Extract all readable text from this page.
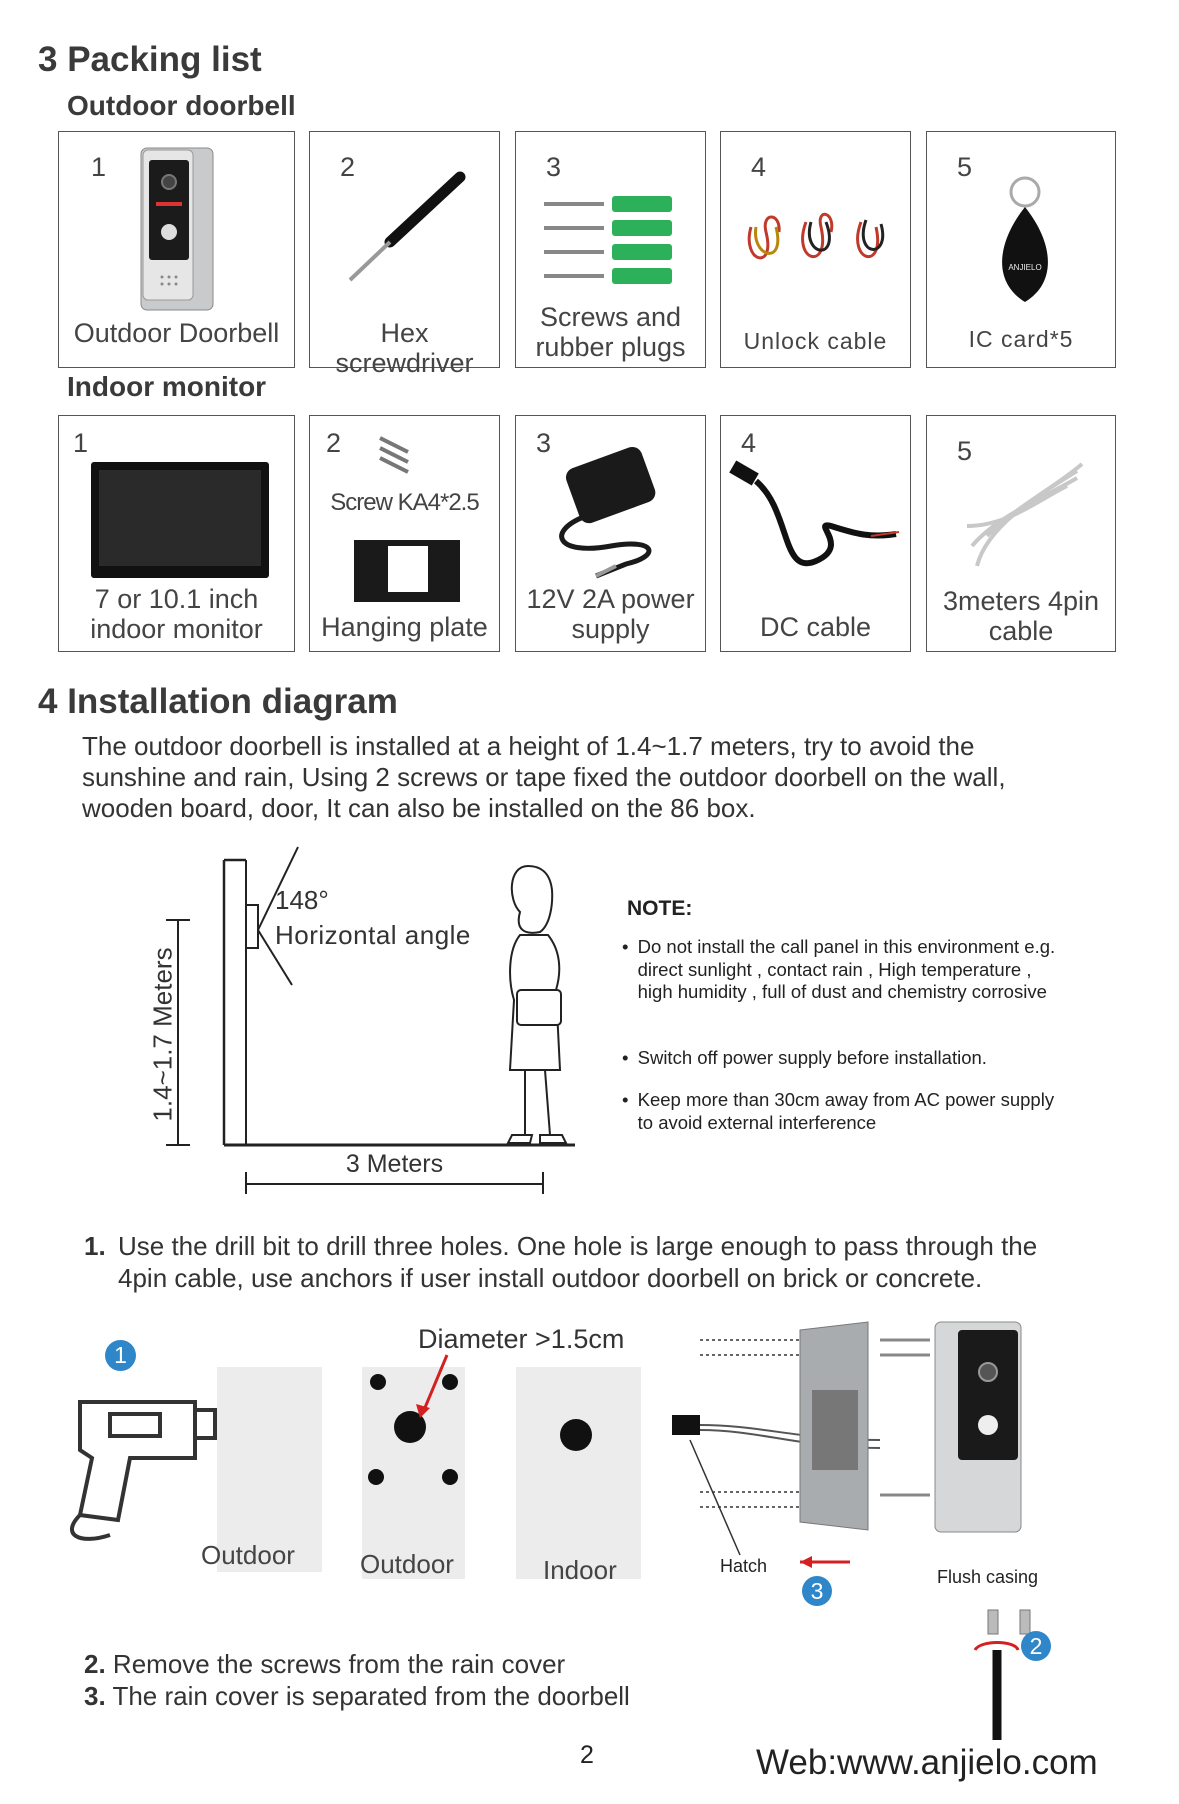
3 Packing list
Outdoor doorbell
1
Outdoor Doorbell
2
Hex screwdriver
3
Screws and rubber plugs
4
Unlock cable
5
ANJIELO
IC card*5
Indoor monitor
1
7 or 10.1 inch indoor monitor
2
Screw KA4*2.5
Hanging plate
3
12V 2A power supply
4
DC cable
5
3meters 4pin cable
4 Installation diagram
The outdoor doorbell is installed at a height of 1.4~1.7 meters, try to avoid the sunshine and rain, Using 2 screws or tape fixed the outdoor doorbell on the wall, wooden board, door, It can also be installed on the 86 box.
148°
Horizontal angle
1.4~1.7 Meters
3 Meters
NOTE:
• Do not install the call panel in this environment e.g. direct sunlight , contact rain , High temperature , high humidity , full of dust and chemistry corrosive
• Switch off power supply before installation.
• Keep more than 30cm away from AC power supply to avoid external interference
1. Use the drill bit to drill three holes. One hole is large enough to pass through the 4pin cable, use anchors if user install outdoor doorbell on brick or concrete.
1
Diameter >1.5cm
Outdoor	Outdoor	Indoor	Hatch
Flush casing
3
2
2. Remove the screws from the rain cover
3. The rain cover is separated from the doorbell
2	Web:www.anjielo.com
